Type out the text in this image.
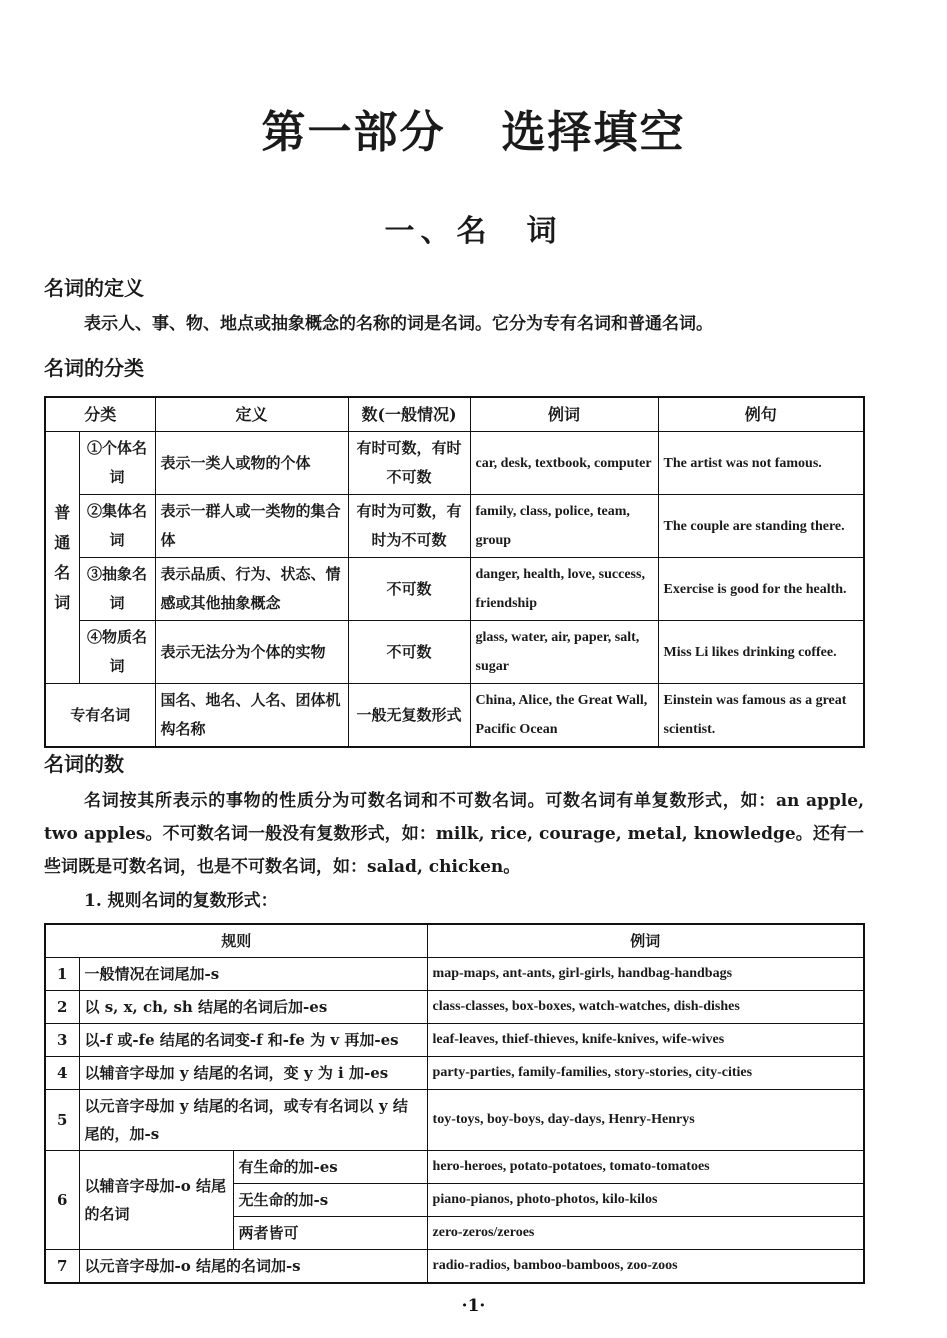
第一部分 选择填空
一、名 词
名词的定义
表示人、事、物、地点或抽象概念的名称的词是名词。它分为专有名词和普通名词。
名词的分类
分类		定义	数(一般情况)	例词	例句

普
通
名
词	①个体名词	表示一类人或物的个体	有时可数，有时不可数	car, desk, textbook, computer	The artist was not famous.
	②集体名词	表示一群人或一类物的集合体	有时为可数，有时为不可数	family, class, police, team, group	The couple are standing there.
	③抽象名词	表示品质、行为、状态、情感或其他抽象概念	不可数	danger, health, love, success, friendship	Exercise is good for the health.
	④物质名词	表示无法分为个体的实物	不可数	glass, water, air, paper, salt, sugar	Miss Li likes drinking coffee.
专有名词		国名、地名、人名、团体机构名称	一般无复数形式	China, Alice, the Great Wall, Pacific Ocean	Einstein was famous as a great scientist.
名词的数
名词按其所表示的事物的性质分为可数名词和不可数名词。可数名词有单复数形式，如：an apple, two apples。不可数名词一般没有复数形式，如：milk, rice, courage, metal, knowledge。还有一些词既是可数名词，也是不可数名词，如：salad, chicken。
1. 规则名词的复数形式：
规则			例词
1	一般情况在词尾加-s		map-maps, ant-ants, girl-girls, handbag-handbags
2	以 s, x, ch, sh 结尾的名词后加-es		class-classes, box-boxes, watch-watches, dish-dishes
3	以-f 或-fe 结尾的名词变-f 和-fe 为 v 再加-es		leaf-leaves, thief-thieves, knife-knives, wife-wives
4	以辅音字母加 y 结尾的名词，变 y 为 i 加-es		party-parties, family-families, story-stories, city-cities
5	以元音字母加 y 结尾的名词，或专有名词以 y 结尾的，加-s		toy-toys, boy-boys, day-days, Henry-Henrys
6	以辅音字母加-o 结尾的名词	有生命的加-es	hero-heroes, potato-potatoes, tomato-tomatoes
		无生命的加-s	piano-pianos, photo-photos, kilo-kilos
		两者皆可	zero-zeros/zeroes
7	以元音字母加-o 结尾的名词加-s		radio-radios, bamboo-bamboos, zoo-zoos
·1·
